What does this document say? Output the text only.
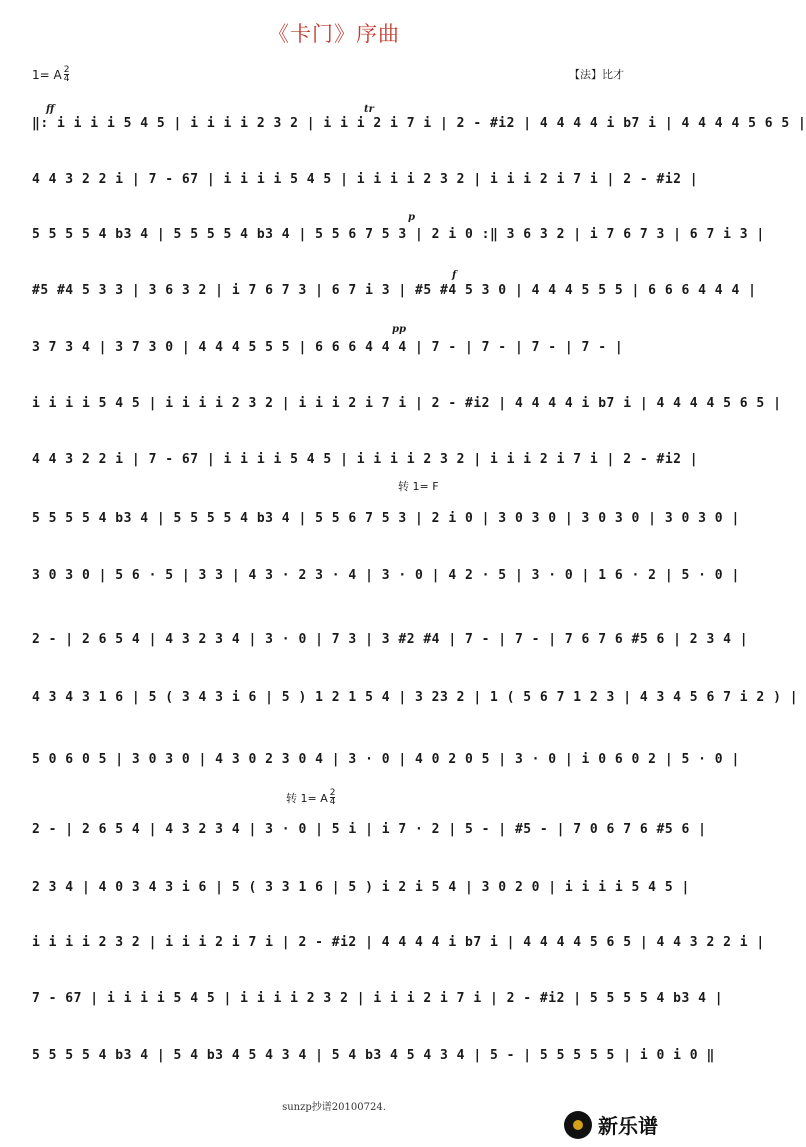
《卡门》序曲
1= A $\frac{2}{4}$	【法】比才
ff	tr
p
f
pp
转 1= F
转 1= A $\frac{2}{4}$
‖: i i i i 5 4 5 | i i i i 2 3 2 | i i i 2 i 7 i | 2 - #i2 | 4 4 4 4 i b7 i | 4 4 4 4 5 6 5 |
4 4 3 2 2 i | 7 - 67 | i i i i 5 4 5 | i i i i 2 3 2 | i i i 2 i 7 i | 2 - #i2 |
5 5 5 5 4 b3 4 | 5 5 5 5 4 b3 4 | 5 5 6 7 5 3 | 2 i 0 :‖ 3 6 3 2 | i 7 6 7 3 | 6 7 i 3 |
#5 #4 5 3 3 | 3 6 3 2 | i 7 6 7 3 | 6 7 i 3 | #5 #4 5 3 0 | 4 4 4 5 5 5 | 6 6 6 4 4 4 |
3 7 3 4 | 3 7 3 0 | 4 4 4 5 5 5 | 6 6 6 4 4 4 | 7 - | 7 - | 7 - | 7 - |
i i i i 5 4 5 | i i i i 2 3 2 | i i i 2 i 7 i | 2 - #i2 | 4 4 4 4 i b7 i | 4 4 4 4 5 6 5 |
4 4 3 2 2 i | 7 - 67 | i i i i 5 4 5 | i i i i 2 3 2 | i i i 2 i 7 i | 2 - #i2 |
5 5 5 5 4 b3 4 | 5 5 5 5 4 b3 4 | 5 5 6 7 5 3 | 2 i 0 | 3 0 3 0 | 3 0 3 0 | 3 0 3 0 |
3 0 3 0 | 5 6 · 5 | 3 3 | 4 3 · 2 3 · 4 | 3 · 0 | 4 2 · 5 | 3 · 0 | 1 6 · 2 | 5 · 0 |
2 - | 2 6 5 4 | 4 3 2 3 4 | 3 · 0 | 7 3 | 3 #2 #4 | 7 - | 7 - | 7 6 7 6 #5 6 | 2 3 4 |
4 3 4 3 1 6 | 5 ( 3 4 3 i 6 | 5 ) 1 2 1 5 4 | 3 23 2 | 1 ( 5 6 7 1 2 3 | 4 3 4 5 6 7 i 2 ) |
5 0 6 0 5 | 3 0 3 0 | 4 3 0 2 3 0 4 | 3 · 0 | 4 0 2 0 5 | 3 · 0 | i 0 6 0 2 | 5 · 0 |
2 - | 2 6 5 4 | 4 3 2 3 4 | 3 · 0 | 5 i | i 7 · 2 | 5 - | #5 - | 7 0 6 7 6 #5 6 |
2 3 4 | 4 0 3 4 3 i 6 | 5 ( 3 3 1 6 | 5 ) i 2 i 5 4 | 3 0 2 0 | i i i i 5 4 5 |
i i i i 2 3 2 | i i i 2 i 7 i | 2 - #i2 | 4 4 4 4 i b7 i | 4 4 4 4 5 6 5 | 4 4 3 2 2 i |
7 - 67 | i i i i 5 4 5 | i i i i 2 3 2 | i i i 2 i 7 i | 2 - #i2 | 5 5 5 5 4 b3 4 |
5 5 5 5 4 b3 4 | 5 4 b3 4 5 4 3 4 | 5 4 b3 4 5 4 3 4 | 5 - | 5 5 5 5 5 | i 0 i 0 ‖
sunzp抄谱20100724.
新乐谱
